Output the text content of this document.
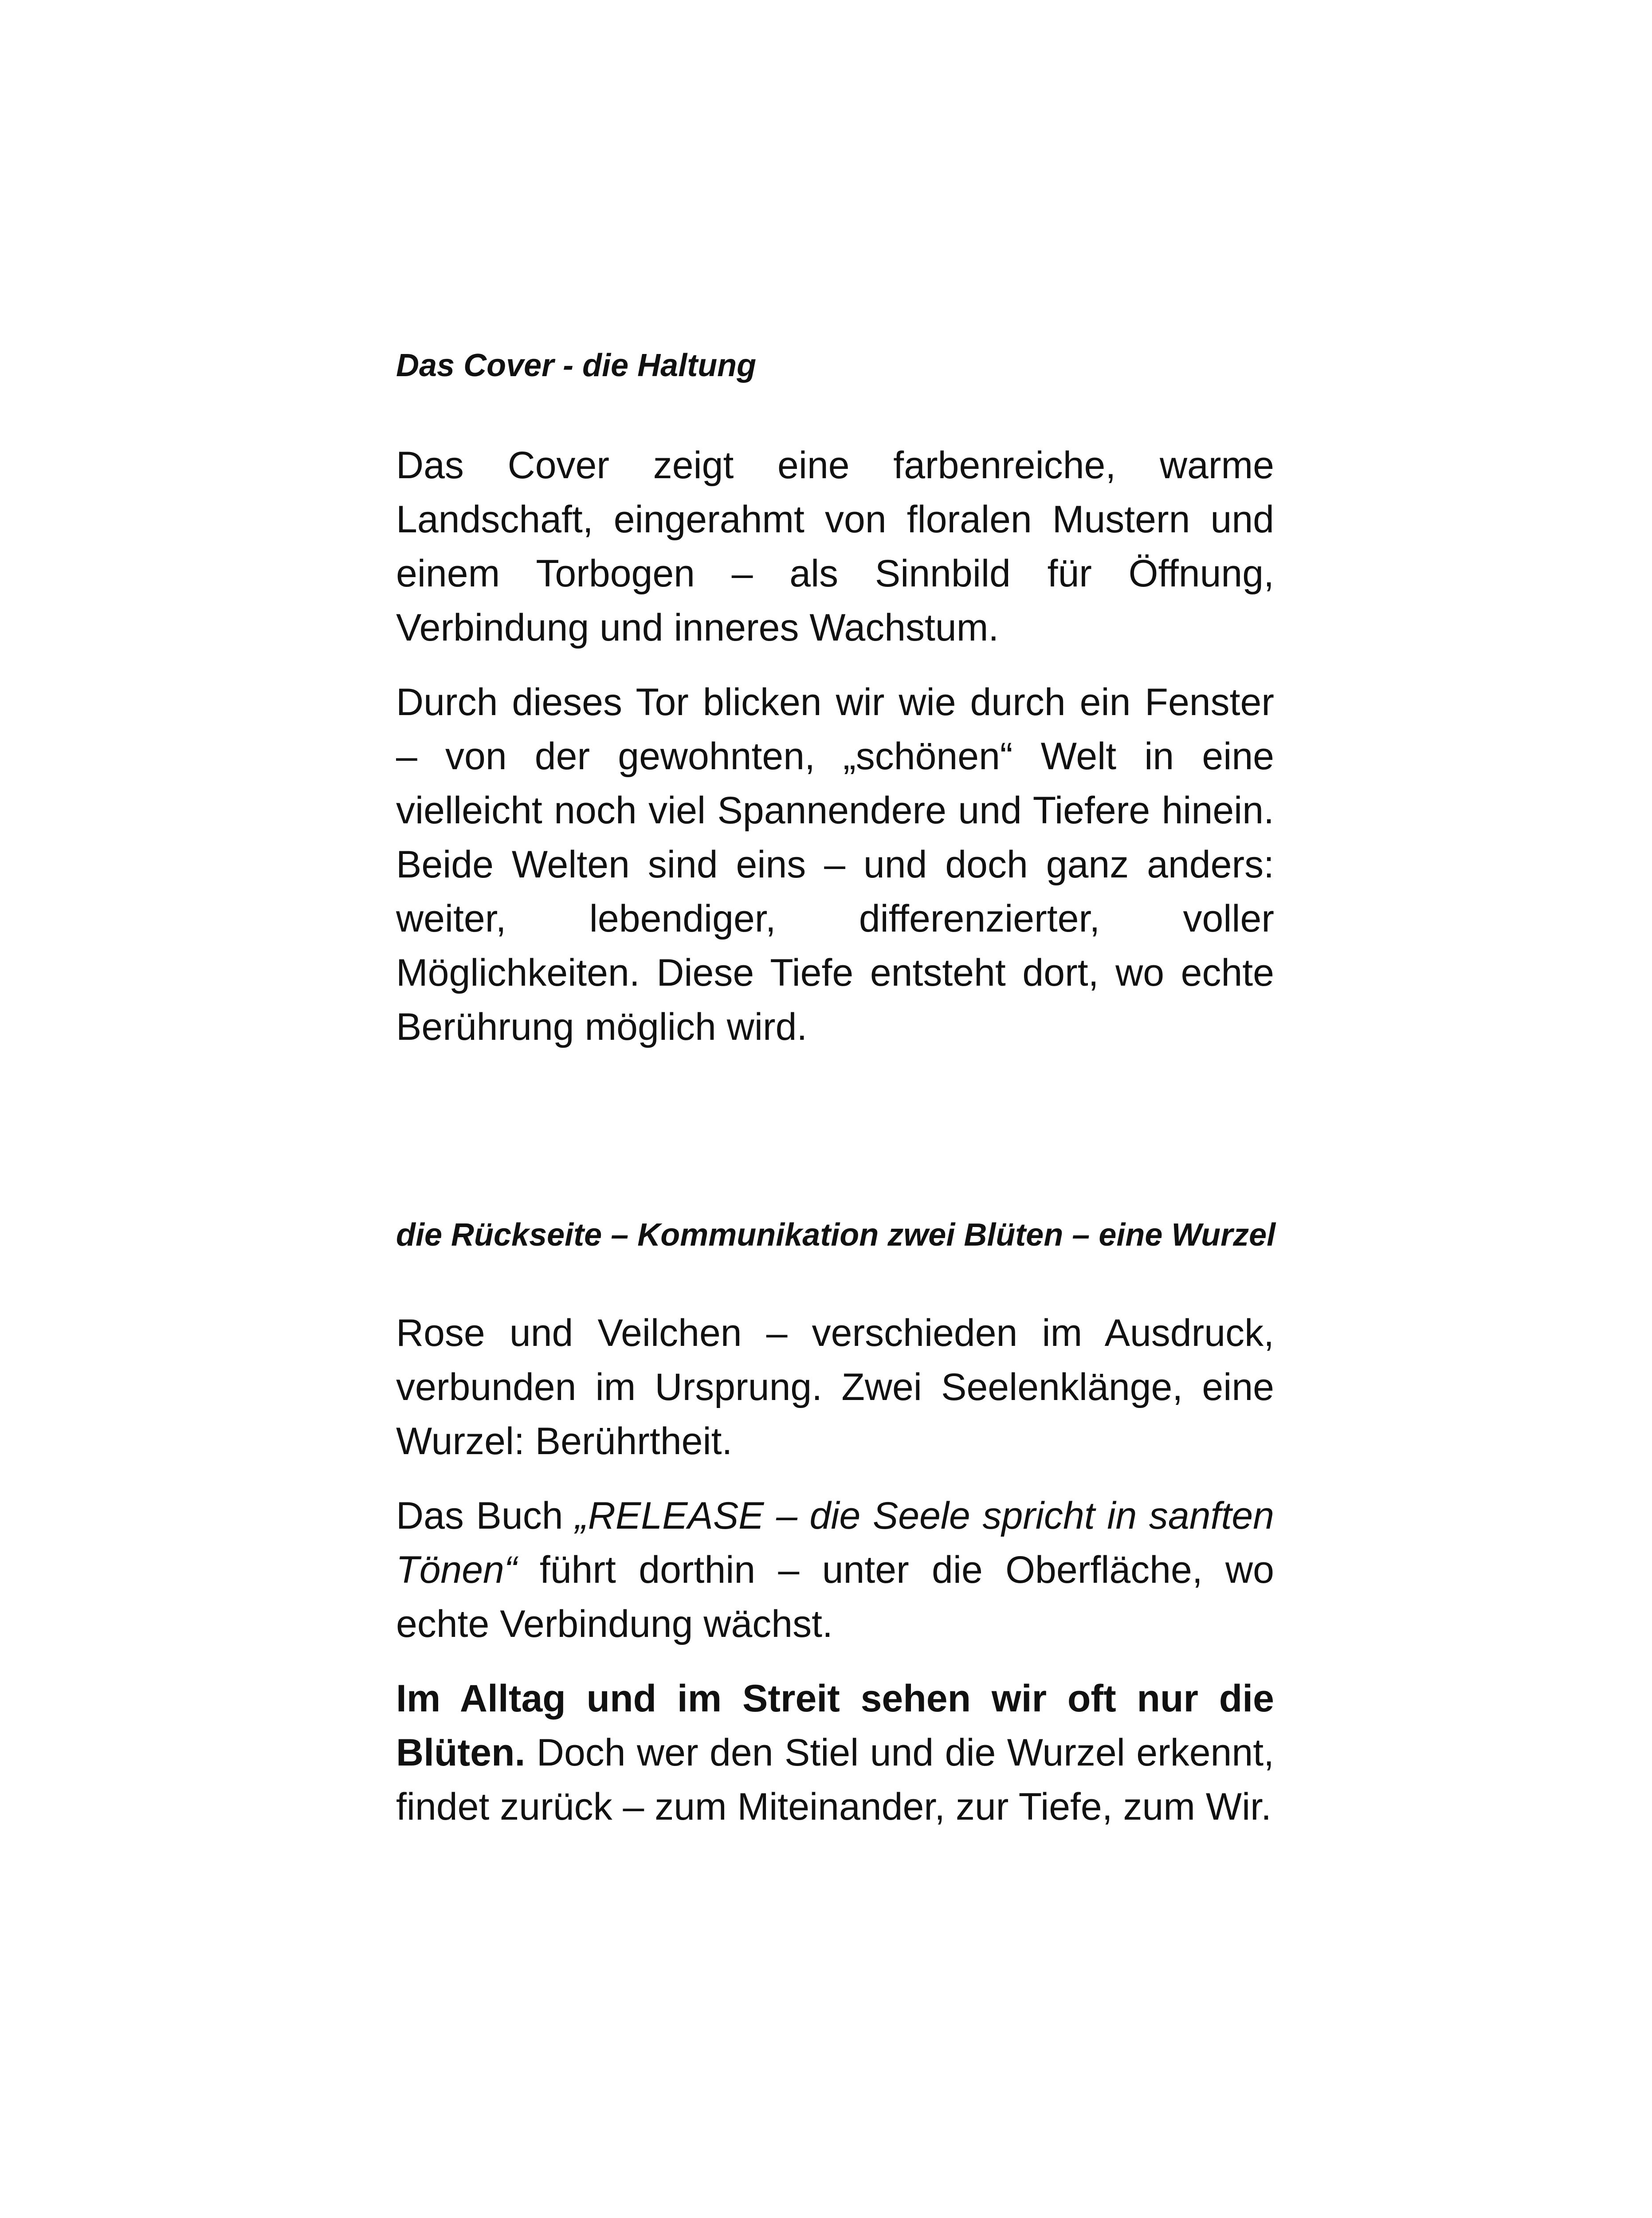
Das Cover - die Haltung

Das Cover zeigt eine farbenreiche, warme Landschaft, eingerahmt von floralen Mustern und einem Torbogen – als Sinnbild für Öffnung, Verbindung und inneres Wachstum.

Durch dieses Tor blicken wir wie durch ein Fenster – von der gewohnten, „schönen“ Welt in eine vielleicht noch viel Spannendere und Tiefere hinein. Beide Welten sind eins – und doch ganz anders: weiter, lebendiger, differenzierter, voller Möglichkeiten. Diese Tiefe entsteht dort, wo echte Berührung möglich wird.

die Rückseite – Kommunikation zwei Blüten – eine Wurzel

Rose und Veilchen – verschieden im Ausdruck, verbunden im Ursprung. Zwei Seelenklänge, eine Wurzel: Berührtheit.

Das Buch „RELEASE – die Seele spricht in sanften Tönen“ führt dorthin – unter die Oberfläche, wo echte Verbindung wächst.

Im Alltag und im Streit sehen wir oft nur die Blüten. Doch wer den Stiel und die Wurzel erkennt, findet zurück – zum Miteinander, zur Tiefe, zum Wir.
